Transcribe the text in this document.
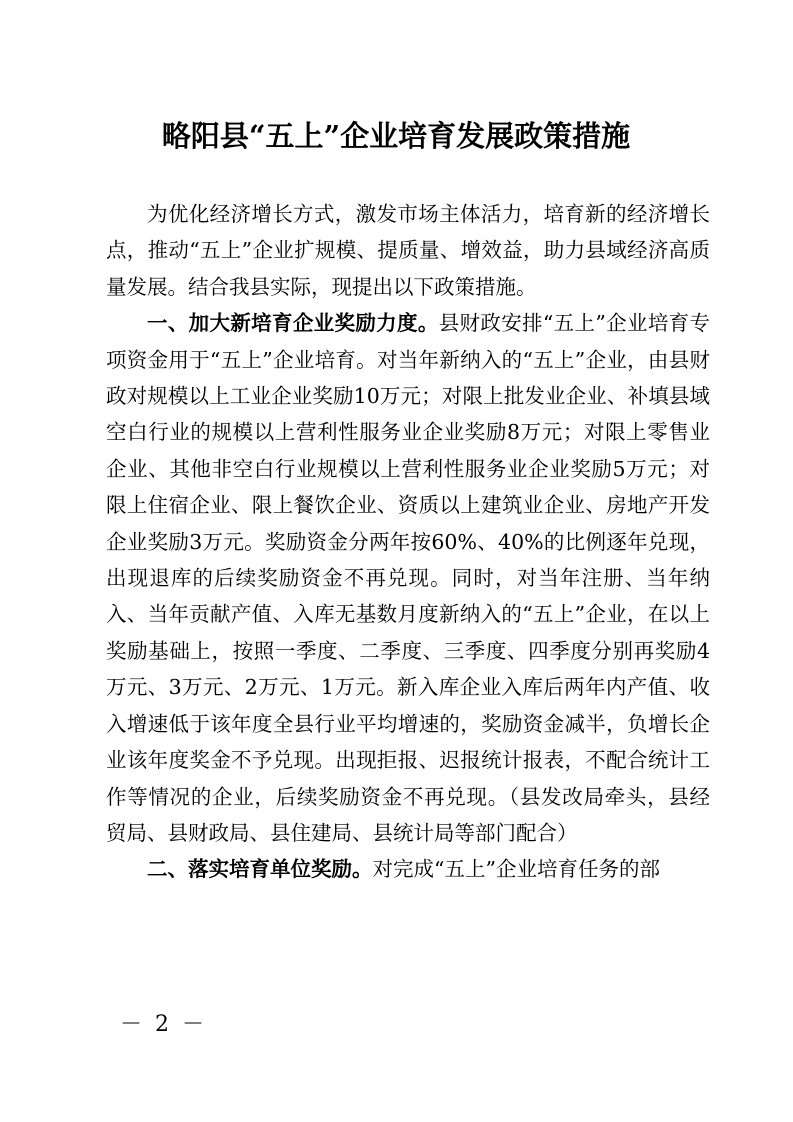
略阳县“五上”企业培育发展政策措施

为优化经济增长方式，激发市场主体活力，培育新的经济增长点，推动“五上”企业扩规模、提质量、增效益，助力县域经济高质量发展。结合我县实际，现提出以下政策措施。

一、加大新培育企业奖励力度。县财政安排“五上”企业培育专项资金用于“五上”企业培育。对当年新纳入的“五上”企业，由县财政对规模以上工业企业奖励10万元；对限上批发业企业、补填县域空白行业的规模以上营利性服务业企业奖励8万元；对限上零售业企业、其他非空白行业规模以上营利性服务业企业奖励5万元；对限上住宿企业、限上餐饮企业、资质以上建筑业企业、房地产开发企业奖励3万元。奖励资金分两年按60%、40%的比例逐年兑现，出现退库的后续奖励资金不再兑现。同时，对当年注册、当年纳入、当年贡献产值、入库无基数月度新纳入的“五上”企业，在以上奖励基础上，按照一季度、二季度、三季度、四季度分别再奖励4万元、3万元、2万元、1万元。新入库企业入库后两年内产值、收入增速低于该年度全县行业平均增速的，奖励资金减半，负增长企业该年度奖金不予兑现。出现拒报、迟报统计报表，不配合统计工作等情况的企业，后续奖励资金不再兑现。（县发改局牵头，县经贸局、县财政局、县住建局、县统计局等部门配合）

二、落实培育单位奖励。对完成“五上”企业培育任务的部

－ 2 －
